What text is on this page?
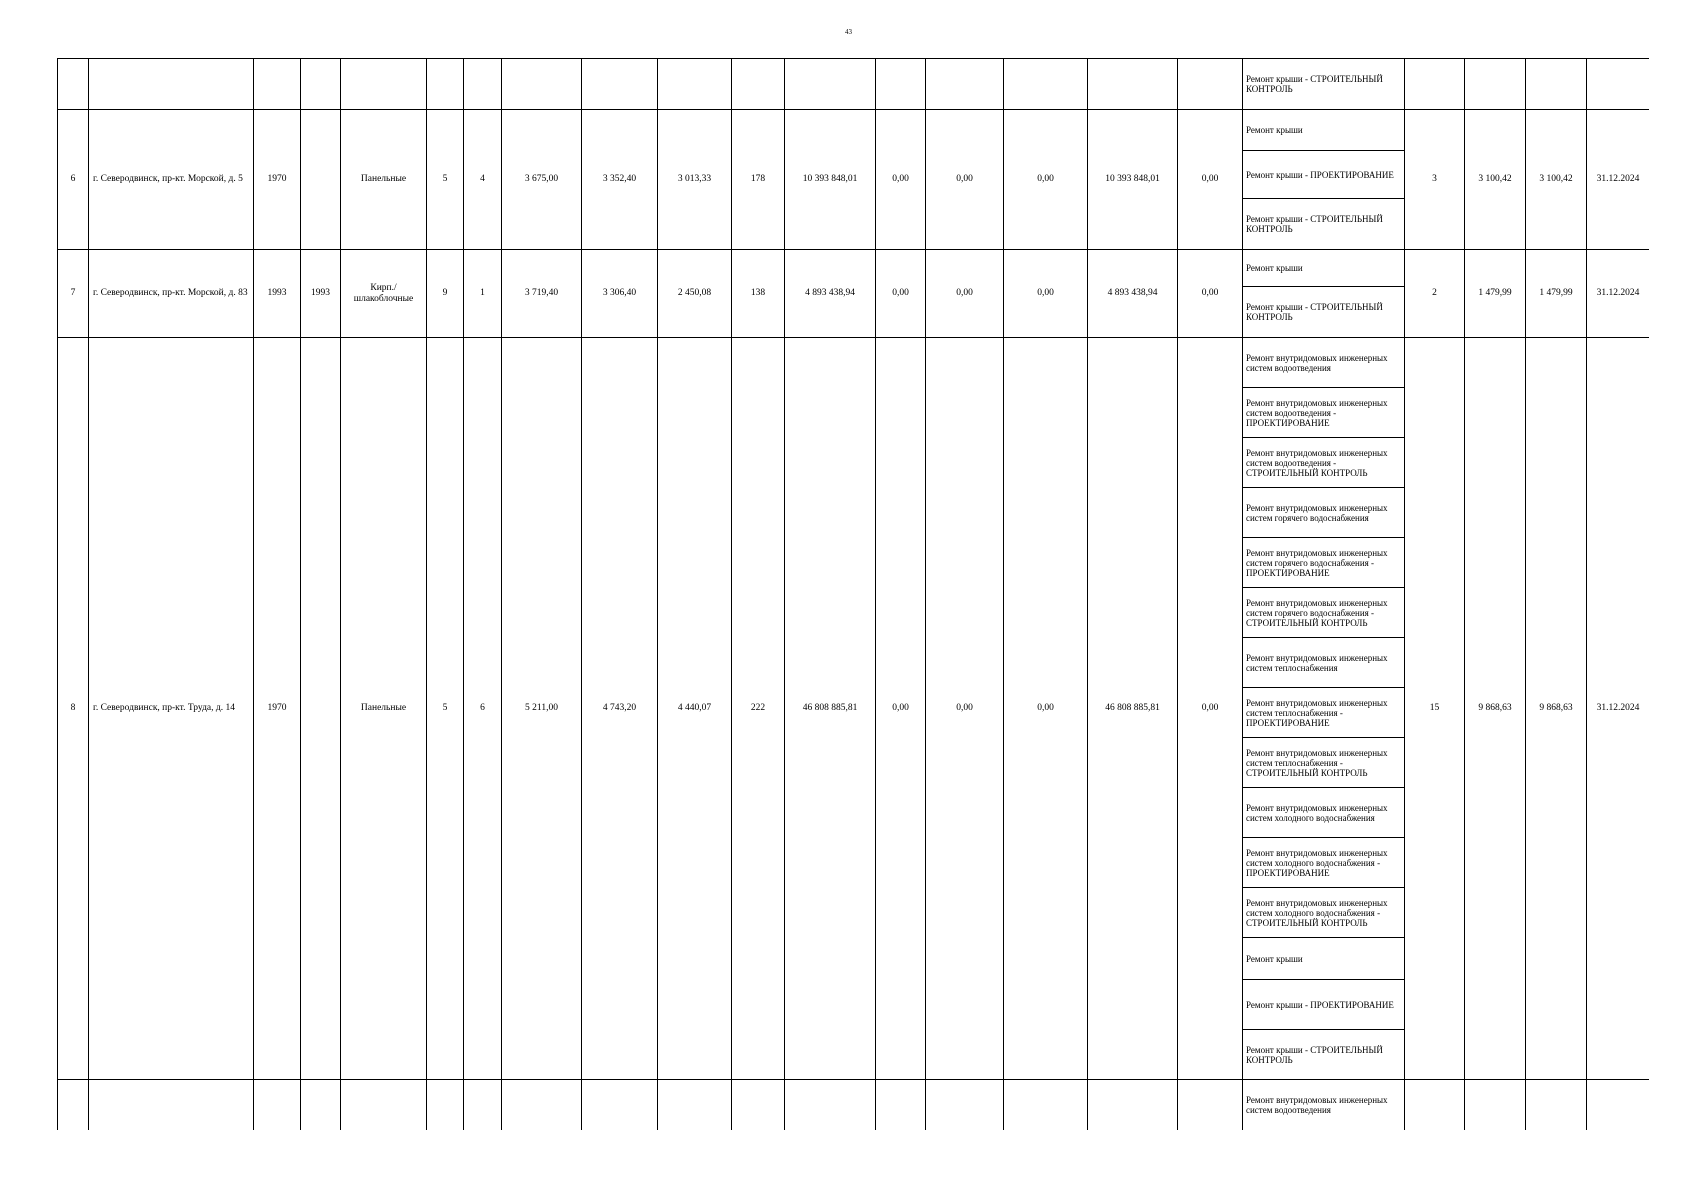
43
																	Ремонт крыши - СТРОИТЕЛЬНЫЙ КОНТРОЛЬ				
6	г. Северодвинск, пр-кт. Морской, д. 5	1970		Панельные	5	4	3 675,00	3 352,40	3 013,33	178	10 393 848,01	0,00	0,00	0,00	10 393 848,01	0,00	Ремонт крыши	3	3 100,42	3 100,42	31.12.2024
																	Ремонт крыши - ПРОЕКТИРОВАНИЕ				
																	Ремонт крыши - СТРОИТЕЛЬНЫЙ КОНТРОЛЬ				
7	г. Северодвинск, пр-кт. Морской, д. 83	1993	1993	Кирп./ шлакоблочные	9	1	3 719,40	3 306,40	2 450,08	138	4 893 438,94	0,00	0,00	0,00	4 893 438,94	0,00	Ремонт крыши	2	1 479,99	1 479,99	31.12.2024
																	Ремонт крыши - СТРОИТЕЛЬНЫЙ КОНТРОЛЬ				
8	г. Северодвинск, пр-кт. Труда, д. 14	1970		Панельные	5	6	5 211,00	4 743,20	4 440,07	222	46 808 885,81	0,00	0,00	0,00	46 808 885,81	0,00	Ремонт внутридомовых инженерных систем водоотведения	15	9 868,63	9 868,63	31.12.2024
																	Ремонт внутридомовых инженерных систем водоотведения - ПРОЕКТИРОВАНИЕ				
																	Ремонт внутридомовых инженерных систем водоотведения - СТРОИТЕЛЬНЫЙ КОНТРОЛЬ				
																	Ремонт внутридомовых инженерных систем горячего водоснабжения				
																	Ремонт внутридомовых инженерных систем горячего водоснабжения - ПРОЕКТИРОВАНИЕ				
																	Ремонт внутридомовых инженерных систем горячего водоснабжения - СТРОИТЕЛЬНЫЙ КОНТРОЛЬ				
																	Ремонт внутридомовых инженерных систем теплоснабжения				
																	Ремонт внутридомовых инженерных систем теплоснабжения - ПРОЕКТИРОВАНИЕ				
																	Ремонт внутридомовых инженерных систем теплоснабжения - СТРОИТЕЛЬНЫЙ КОНТРОЛЬ				
																	Ремонт внутридомовых инженерных систем холодного водоснабжения				
																	Ремонт внутридомовых инженерных систем холодного водоснабжения - ПРОЕКТИРОВАНИЕ				
																	Ремонт внутридомовых инженерных систем холодного водоснабжения - СТРОИТЕЛЬНЫЙ КОНТРОЛЬ				
																	Ремонт крыши				
																	Ремонт крыши - ПРОЕКТИРОВАНИЕ				
																	Ремонт крыши - СТРОИТЕЛЬНЫЙ КОНТРОЛЬ				
																	Ремонт внутридомовых инженерных систем водоотведения				
